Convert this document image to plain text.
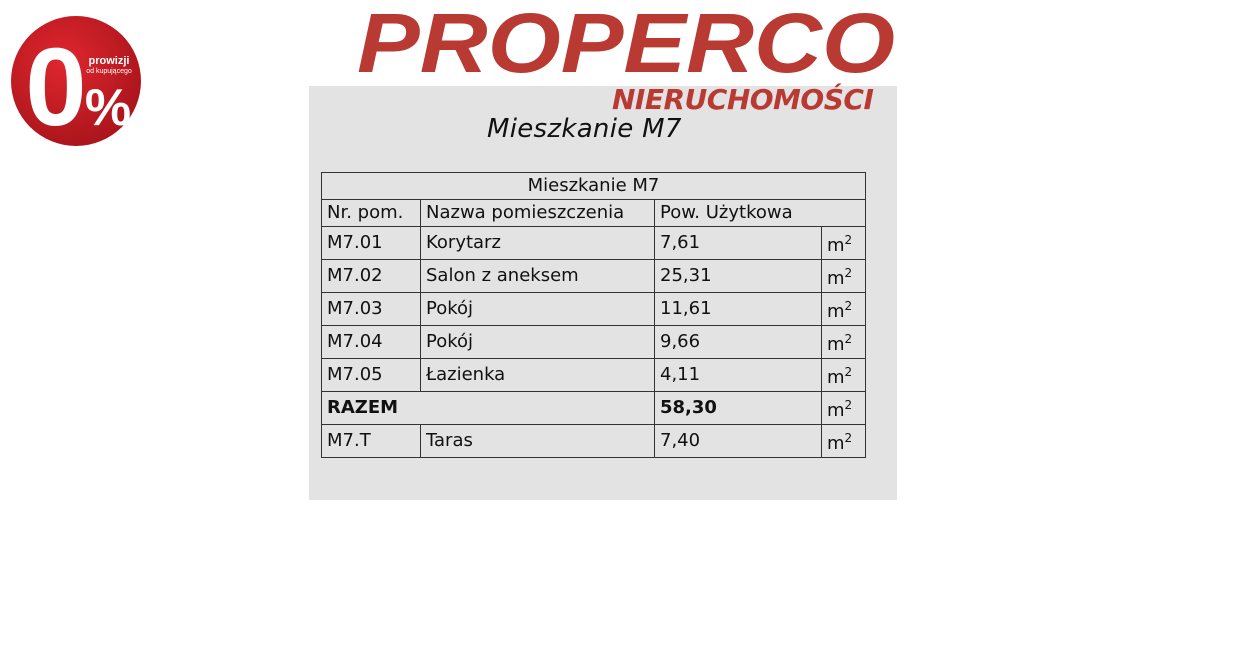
0
%
prowizji
od kupującego	PROPERCO
Mieszkanie M7
Mieszkanie M7			
Nr. pom.	Nazwa pomieszczenia	Pow. Użytkowa	
M7.01	Korytarz	7,61	$m^2$
M7.02	Salon z aneksem	25,31	$m^2$
M7.03	Pokój	11,61	$m^2$
M7.04	Pokój	9,66	$m^2$
M7.05	Łazienka	4,11	$m^2$
RAZEM		58,30	$m^2$
M7.T	Taras	7,40	$m^2$
NIERUCHOMOŚCI
